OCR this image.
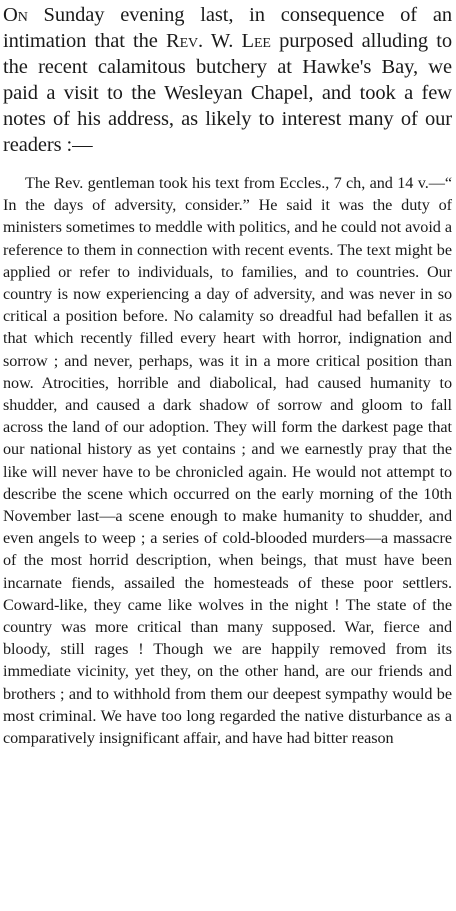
On Sunday evening last, in consequence of an intimation that the Rev. W. Lee purposed alluding to the recent calamitous butchery at Hawke's Bay, we paid a visit to the Wesleyan Chapel, and took a few notes of his address, as likely to interest many of our readers :—

The Rev. gentleman took his text from Eccles., 7 ch, and 14 v.—“ In the days of adversity, consider.” He said it was the duty of ministers sometimes to meddle with politics, and he could not avoid a reference to them in connection with recent events. The text might be applied or refer to individuals, to families, and to countries. Our country is now experiencing a day of adversity, and was never in so critical a position before. No calamity so dreadful had befallen it as that which recently filled every heart with horror, indignation and sorrow ; and never, perhaps, was it in a more critical position than now. Atrocities, horrible and diabolical, had caused humanity to shudder, and caused a dark shadow of sorrow and gloom to fall across the land of our adoption. They will form the darkest page that our national history as yet contains ; and we earnestly pray that the like will never have to be chronicled again. He would not attempt to describe the scene which occurred on the early morning of the 10th November last—a scene enough to make humanity to shudder, and even angels to weep ; a series of cold-blooded murders—a massacre of the most horrid description, when beings, that must have been incarnate fiends, assailed the homesteads of these poor settlers. Coward-like, they came like wolves in the night ! The state of the country was more critical than many supposed. War, fierce and bloody, still rages ! Though we are happily removed from its immediate vicinity, yet they, on the other hand, are our friends and brothers ; and to withhold from them our deepest sympathy would be most criminal. We have too long regarded the native disturbance as a comparatively insignificant affair, and have had bitter reason
